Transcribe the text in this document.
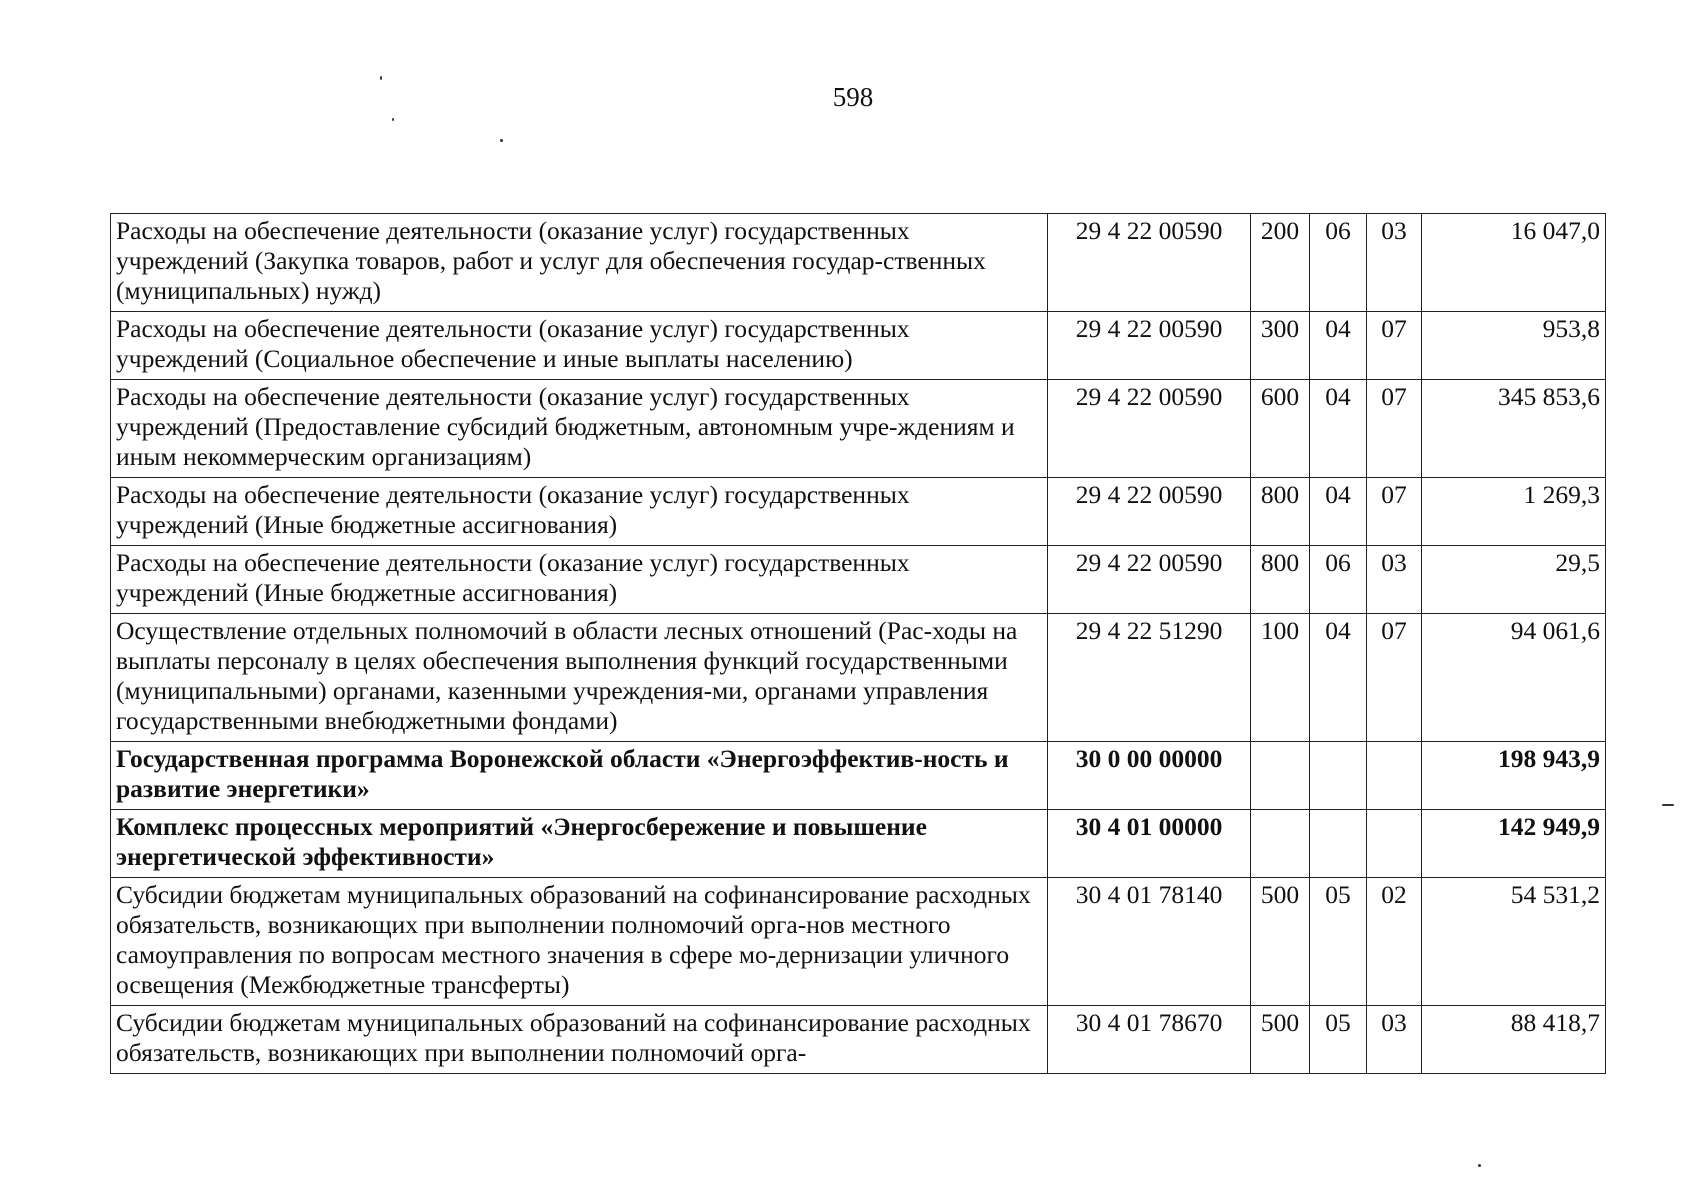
598
Расходы на обеспечение деятельности (оказание услуг) государственных учреждений (Закупка товаров, работ и услуг для обеспечения государ-ственных (муниципальных) нужд)	29 4 22 00590	200	06	03	16 047,0
Расходы на обеспечение деятельности (оказание услуг) государственных учреждений (Социальное обеспечение и иные выплаты населению)	29 4 22 00590	300	04	07	953,8
Расходы на обеспечение деятельности (оказание услуг) государственных учреждений (Предоставление субсидий бюджетным, автономным учре-ждениям и иным некоммерческим организациям)	29 4 22 00590	600	04	07	345 853,6
Расходы на обеспечение деятельности (оказание услуг) государственных учреждений (Иные бюджетные ассигнования)	29 4 22 00590	800	04	07	1 269,3
Расходы на обеспечение деятельности (оказание услуг) государственных учреждений (Иные бюджетные ассигнования)	29 4 22 00590	800	06	03	29,5
Осуществление отдельных полномочий в области лесных отношений (Рас-ходы на выплаты персоналу в целях обеспечения выполнения функций государственными (муниципальными) органами, казенными учреждения-ми, органами управления государственными внебюджетными фондами)	29 4 22 51290	100	04	07	94 061,6
Государственная программа Воронежской области «Энергоэффектив-ность и развитие энергетики»	30 0 00 00000				198 943,9
Комплекс процессных мероприятий «Энергосбережение и повышение энергетической эффективности»	30 4 01 00000				142 949,9
Субсидии бюджетам муниципальных образований на софинансирование расходных обязательств, возникающих при выполнении полномочий орга-нов местного самоуправления по вопросам местного значения в сфере мо-дернизации уличного освещения (Межбюджетные трансферты)	30 4 01 78140	500	05	02	54 531,2
Субсидии бюджетам муниципальных образований на софинансирование расходных обязательств, возникающих при выполнении полномочий орга-	30 4 01 78670	500	05	03	88 418,7
